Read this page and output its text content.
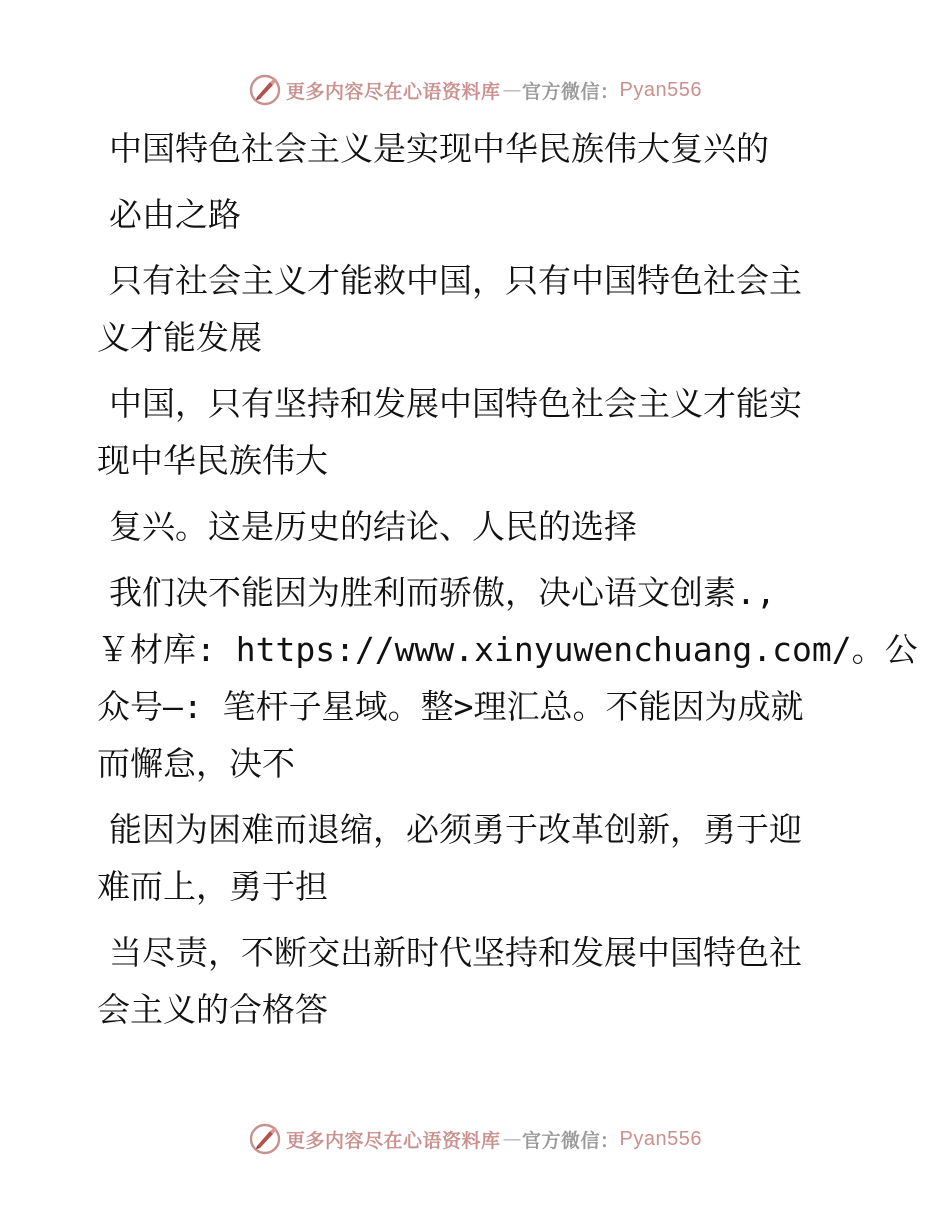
更多内容尽在心语资料库 — 官方微信： Pyan556

中国特色社会主义是实现中华民族伟大复兴的

必由之路

只有社会主义才能救中国，只有中国特色社会主
义才能发展

中国，只有坚持和发展中国特色社会主义才能实
现中华民族伟大

复兴。这是历史的结论、人民的选择

我们决不能因为胜利而骄傲，决心语文创素.,
￥材库: https://www.xinyuwenchuang.com/。公
众号—: 笔杆子星域。整>理汇总。不能因为成就
而懈怠，决不

能因为困难而退缩，必须勇于改革创新，勇于迎
难而上，勇于担

当尽责，不断交出新时代坚持和发展中国特色社
会主义的合格答

更多内容尽在心语资料库 — 官方微信： Pyan556
